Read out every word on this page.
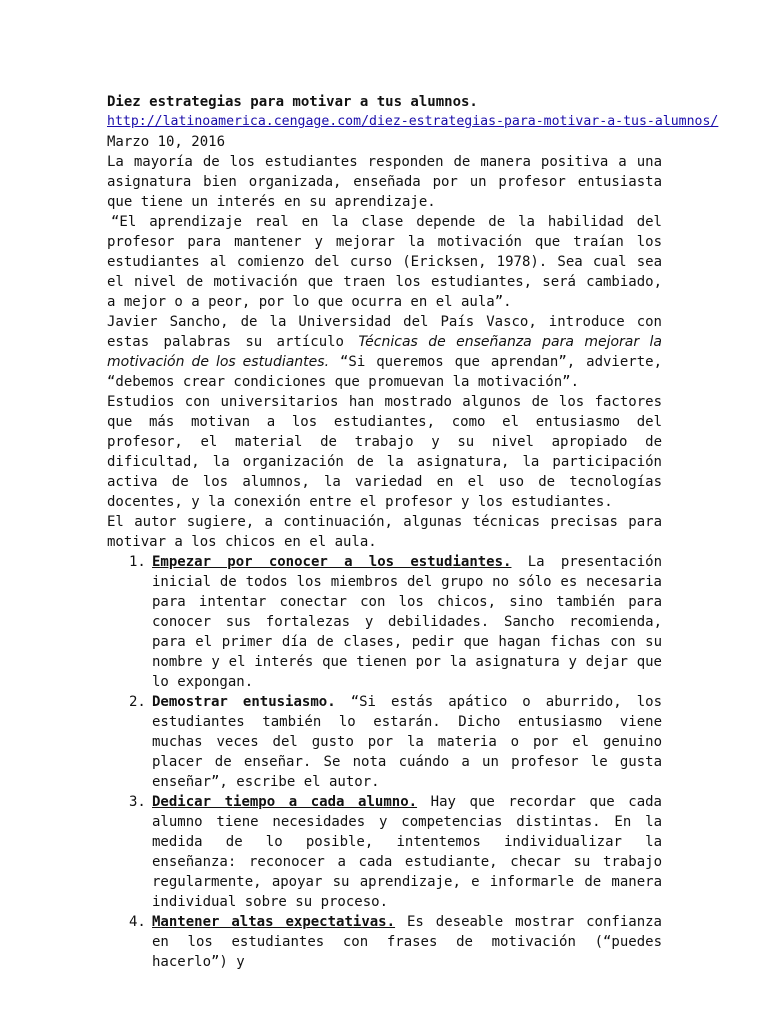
Diez estrategias para motivar a tus alumnos.

http://latinoamerica.cengage.com/diez-estrategias-para-motivar-a-tus-alumnos/

Marzo 10, 2016

La mayoría de los estudiantes responden de manera positiva a una asignatura bien organizada, enseñada por un profesor entusiasta que tiene un interés en su aprendizaje.

“El aprendizaje real en la clase depende de la habilidad del profesor para mantener y mejorar la motivación que traían los estudiantes al comienzo del curso (Ericksen, 1978). Sea cual sea el nivel de motivación que traen los estudiantes, será cambiado, a mejor o a peor, por lo que ocurra en el aula”.

Javier Sancho, de la Universidad del País Vasco, introduce con estas palabras su artículo Técnicas de enseñanza para mejorar la motivación de los estudiantes. “Si queremos que aprendan”, advierte, “debemos crear condiciones que promuevan la motivación”.

Estudios con universitarios han mostrado algunos de los factores que más motivan a los estudiantes, como el entusiasmo del profesor, el material de trabajo y su nivel apropiado de dificultad, la organización de la asignatura, la participación activa de los alumnos, la variedad en el uso de tecnologías docentes, y la conexión entre el profesor y los estudiantes.

El autor sugiere, a continuación, algunas técnicas precisas para motivar a los chicos en el aula.

1. Empezar por conocer a los estudiantes. La presentación inicial de todos los miembros del grupo no sólo es necesaria para intentar conectar con los chicos, sino también para conocer sus fortalezas y debilidades. Sancho recomienda, para el primer día de clases, pedir que hagan fichas con su nombre y el interés que tienen por la asignatura y dejar que lo expongan.
2. Demostrar entusiasmo. “Si estás apático o aburrido, los estudiantes también lo estarán. Dicho entusiasmo viene muchas veces del gusto por la materia o por el genuino placer de enseñar. Se nota cuándo a un profesor le gusta enseñar”, escribe el autor.
3. Dedicar tiempo a cada alumno. Hay que recordar que cada alumno tiene necesidades y competencias distintas. En la medida de lo posible, intentemos individualizar la enseñanza: reconocer a cada estudiante, checar su trabajo regularmente, apoyar su aprendizaje, e informarle de manera individual sobre su proceso.
4. Mantener altas expectativas. Es deseable mostrar confianza en los estudiantes con frases de motivación (“puedes hacerlo”) y
